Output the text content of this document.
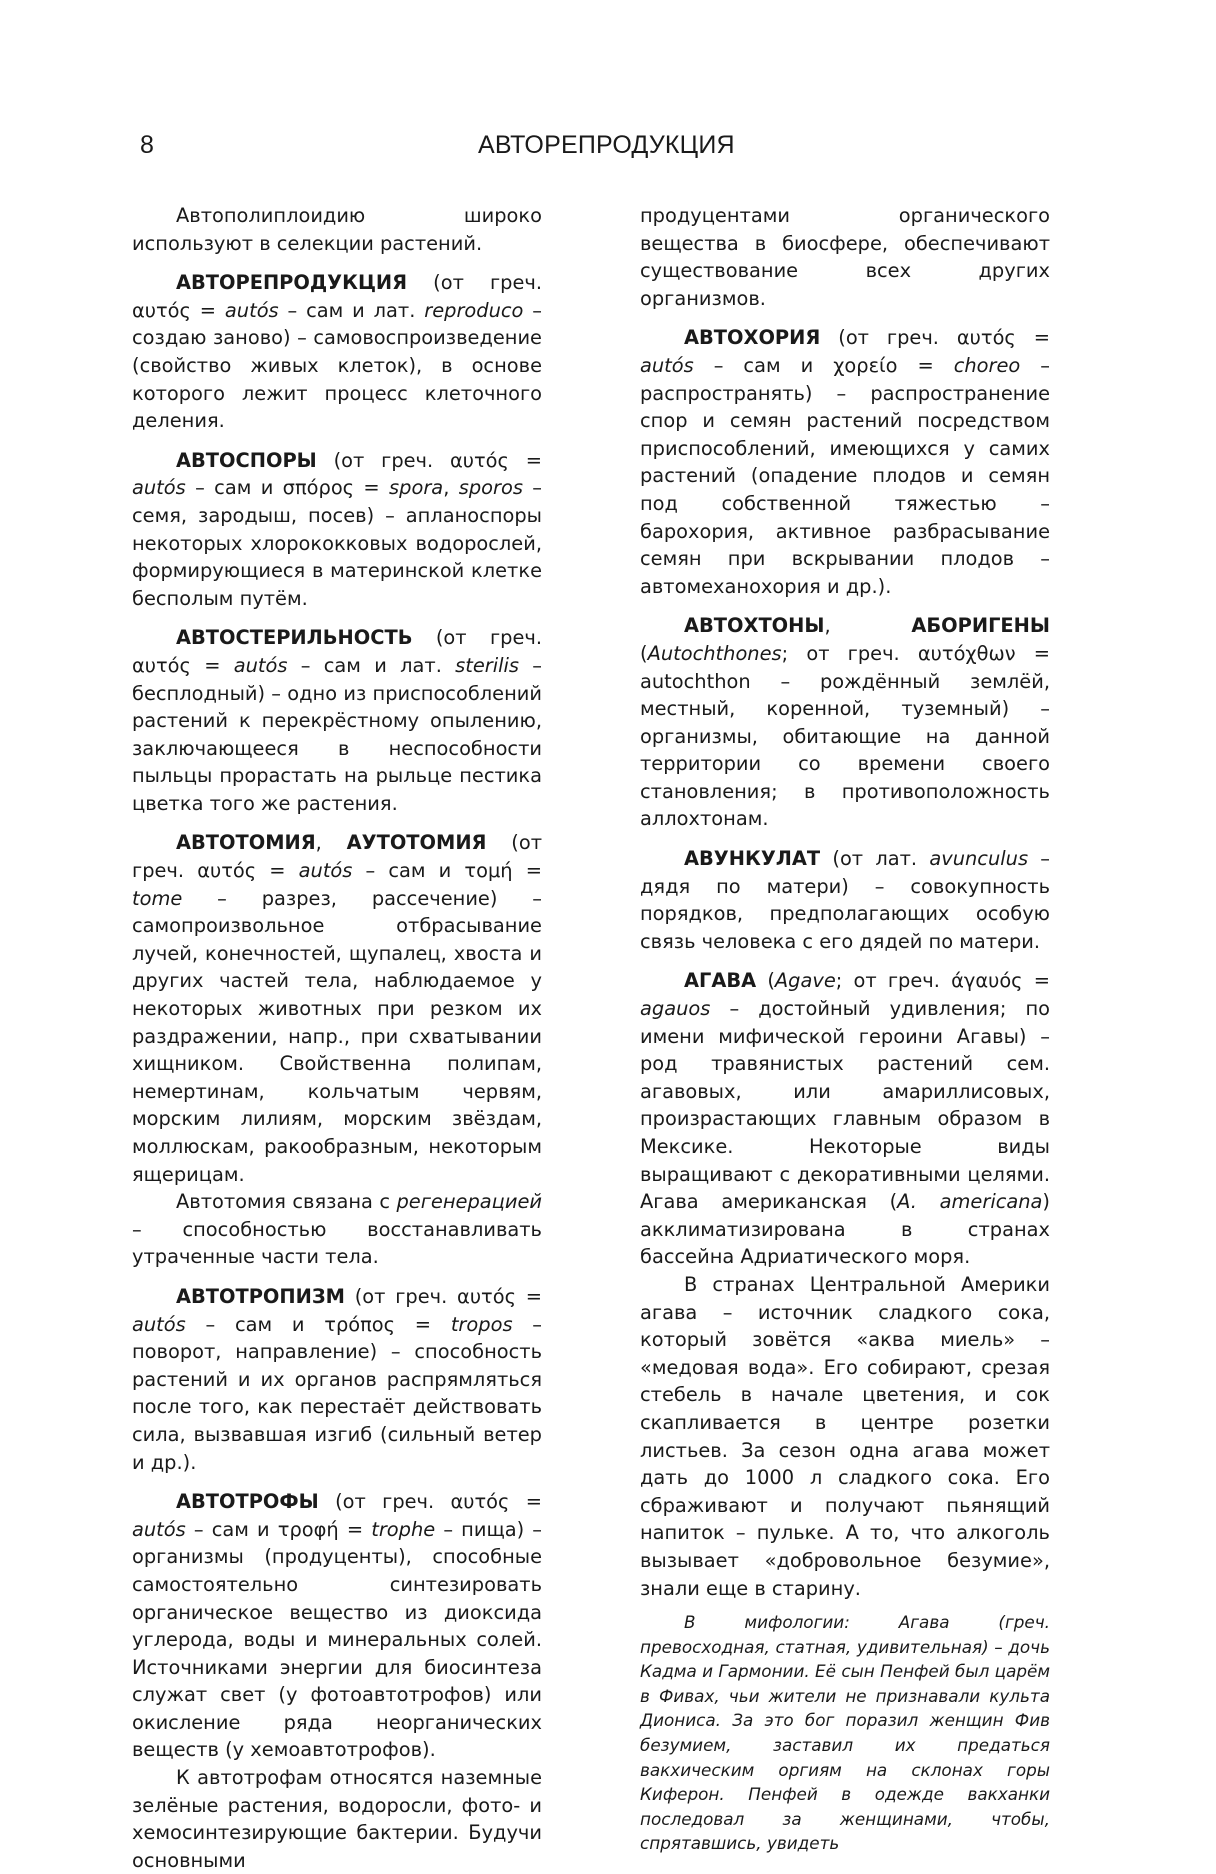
8	АВТОРЕПРОДУКЦИЯ

Автополиплоидию широко используют в селекции растений.

АВТОРЕПРОДУКЦИЯ (от греч. αυτός = autós – сам и лат. reproduco – создаю заново) – самовоспроизведение (свойство живых клеток), в основе которого лежит процесс клеточного деления.

АВТОСПОРЫ (от греч. αυτός = autós – сам и σπόρος = spora, sporos – семя, зародыш, посев) – апланоспоры некоторых хлорококковых водорослей, формирующиеся в материнской клетке бесполым путём.

АВТОСТЕРИЛЬНОСТЬ (от греч. αυτός = autós – сам и лат. sterilis – бесплодный) – одно из приспособлений растений к перекрёстному опылению, заключающееся в неспособности пыльцы прорастать на рыльце пестика цветка того же растения.

АВТОТОМИЯ, АУТОТОМИЯ (от греч. αυτός = autós – сам и τομή = tome – разрез, рассечение) – самопроизвольное отбрасывание лучей, конечностей, щупалец, хвоста и других частей тела, наблюдаемое у некоторых животных при резком их раздражении, напр., при схватывании хищником. Свойственна полипам, немертинам, кольчатым червям, морским лилиям, морским звёздам, моллюскам, ракообразным, некоторым ящерицам.

Автотомия связана с регенерацией – способностью восстанавливать утраченные части тела.

АВТОТРОПИЗМ (от греч. αυτός = autós – сам и τρόπος = tropos – поворот, направление) – способность растений и их органов распрямляться после того, как перестаёт действовать сила, вызвавшая изгиб (сильный ветер и др.).

АВТОТРОФЫ (от греч. αυτός = autós – сам и τροφή = trophe – пища) – организмы (продуценты), способные самостоятельно синтезировать органическое вещество из диоксида углерода, воды и минеральных солей. Источниками энергии для биосинтеза служат свет (у фотоавтотрофов) или окисление ряда неорганических веществ (у хемоавтотрофов).

К автотрофам относятся наземные зелёные растения, водоросли, фото- и хемосинтезирующие бактерии. Будучи основными

продуцентами органического вещества в биосфере, обеспечивают существование всех других организмов.

АВТОХОРИЯ (от греч. αυτός = autós – сам и χορείο = choreo – распространять) – распространение спор и семян растений посредством приспособлений, имеющихся у самих растений (опадение плодов и семян под собственной тяжестью – барохория, активное разбрасывание семян при вскрывании плодов – автомеханохория и др.).

АВТОХТОНЫ, АБОРИГЕНЫ (Autochthones; от греч. αυτόχθων = autochthon – рождённый землёй, местный, коренной, туземный) – организмы, обитающие на данной территории со времени своего становления; в противоположность аллохтонам.

АВУНКУЛАТ (от лат. avunculus – дядя по матери) – совокупность порядков, предполагающих особую связь человека с его дядей по матери.

АГАВА (Agave; от греч. άγαυός = agauos – достойный удивления; по имени мифической героини Агавы) – род травянистых растений сем. агавовых, или амариллисовых, произрастающих главным образом в Мексике. Некоторые виды выращивают с декоративными целями. Агава американская (A. americana) акклиматизирована в странах бассейна Адриатического моря.

В странах Центральной Америки агава – источник сладкого сока, который зовётся «аква миель» – «медовая вода». Его собирают, срезая стебель в начале цветения, и сок скапливается в центре розетки листьев. За сезон одна агава может дать до 1000 л сладкого сока. Его сбраживают и получают пьянящий напиток – пульке. А то, что алкоголь вызывает «добровольное безумие», знали еще в старину.

В мифологии: Агава (греч. превосходная, статная, удивительная) – дочь Кадма и Гармонии. Её сын Пенфей был царём в Фивах, чьи жители не признавали культа Диониса. За это бог поразил женщин Фив безумием, заставил их предаться вакхическим оргиям на склонах горы Киферон. Пенфей в одежде вакханки последовал за женщинами, чтобы, спрятавшись, увидеть
